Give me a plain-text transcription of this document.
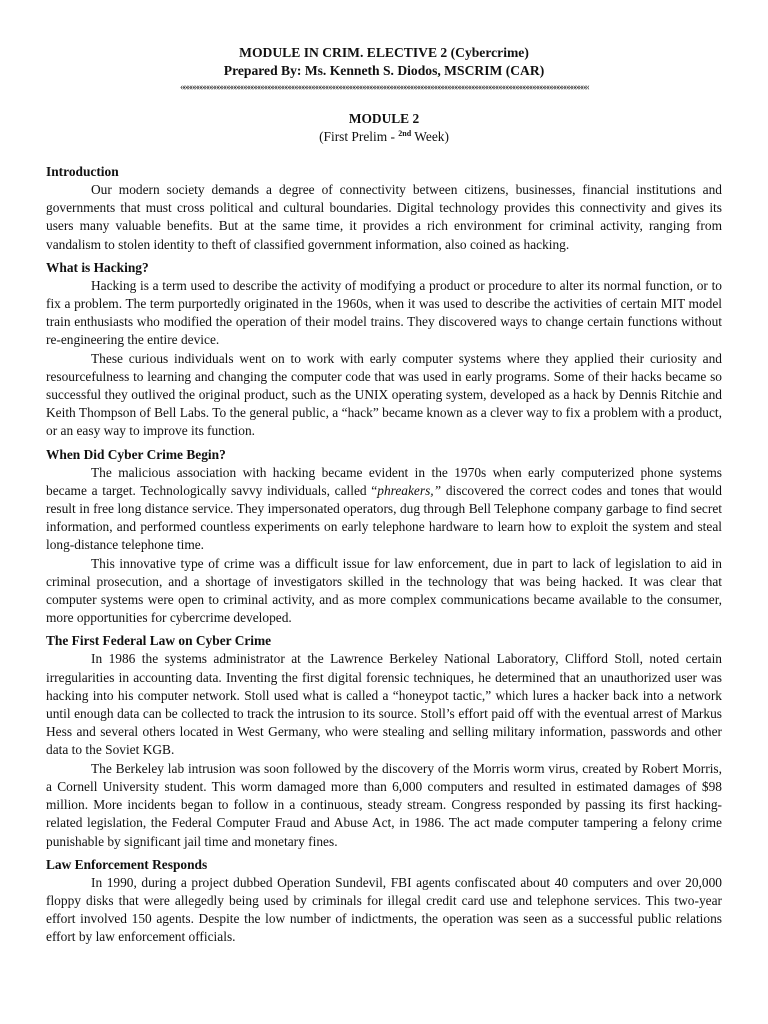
MODULE IN CRIM. ELECTIVE 2 (Cybercrime)
Prepared By: Ms. Kenneth S. Diodos, MSCRIM (CAR)
««««««««««««««««««««««««««««««««««««««««««««««««««««««««««««««««««««««««««««««««««««««««««««««««««««««««««««««««««««««««
MODULE 2
(First Prelim - $^{2nd}$ Week)
Introduction

Our modern society demands a degree of connectivity between citizens, businesses, financial institutions and governments that must cross political and cultural boundaries. Digital technology provides this connectivity and gives its users many valuable benefits. But at the same time, it provides a rich environment for criminal activity, ranging from vandalism to stolen identity to theft of classified government information, also coined as hacking.

What is Hacking?

Hacking is a term used to describe the activity of modifying a product or procedure to alter its normal function, or to fix a problem. The term purportedly originated in the 1960s, when it was used to describe the activities of certain MIT model train enthusiasts who modified the operation of their model trains. They discovered ways to change certain functions without re-engineering the entire device.

These curious individuals went on to work with early computer systems where they applied their curiosity and resourcefulness to learning and changing the computer code that was used in early programs. Some of their hacks became so successful they outlived the original product, such as the UNIX operating system, developed as a hack by Dennis Ritchie and Keith Thompson of Bell Labs. To the general public, a “hack” became known as a clever way to fix a problem with a product, or an easy way to improve its function.

When Did Cyber Crime Begin?

The malicious association with hacking became evident in the 1970s when early computerized phone systems became a target. Technologically savvy individuals, called “phreakers,” discovered the correct codes and tones that would result in free long distance service. They impersonated operators, dug through Bell Telephone company garbage to find secret information, and performed countless experiments on early telephone hardware to learn how to exploit the system and steal long-distance telephone time.

This innovative type of crime was a difficult issue for law enforcement, due in part to lack of legislation to aid in criminal prosecution, and a shortage of investigators skilled in the technology that was being hacked. It was clear that computer systems were open to criminal activity, and as more complex communications became available to the consumer, more opportunities for cybercrime developed.

The First Federal Law on Cyber Crime

In 1986 the systems administrator at the Lawrence Berkeley National Laboratory, Clifford Stoll, noted certain irregularities in accounting data. Inventing the first digital forensic techniques, he determined that an unauthorized user was hacking into his computer network. Stoll used what is called a “honeypot tactic,” which lures a hacker back into a network until enough data can be collected to track the intrusion to its source. Stoll’s effort paid off with the eventual arrest of Markus Hess and several others located in West Germany, who were stealing and selling military information, passwords and other data to the Soviet KGB.

The Berkeley lab intrusion was soon followed by the discovery of the Morris worm virus, created by Robert Morris, a Cornell University student. This worm damaged more than 6,000 computers and resulted in estimated damages of $98 million. More incidents began to follow in a continuous, steady stream. Congress responded by passing its first hacking-related legislation, the Federal Computer Fraud and Abuse Act, in 1986. The act made computer tampering a felony crime punishable by significant jail time and monetary fines.

Law Enforcement Responds

In 1990, during a project dubbed Operation Sundevil, FBI agents confiscated about 40 computers and over 20,000 floppy disks that were allegedly being used by criminals for illegal credit card use and telephone services. This two-year effort involved 150 agents. Despite the low number of indictments, the operation was seen as a successful public relations effort by law enforcement officials.
